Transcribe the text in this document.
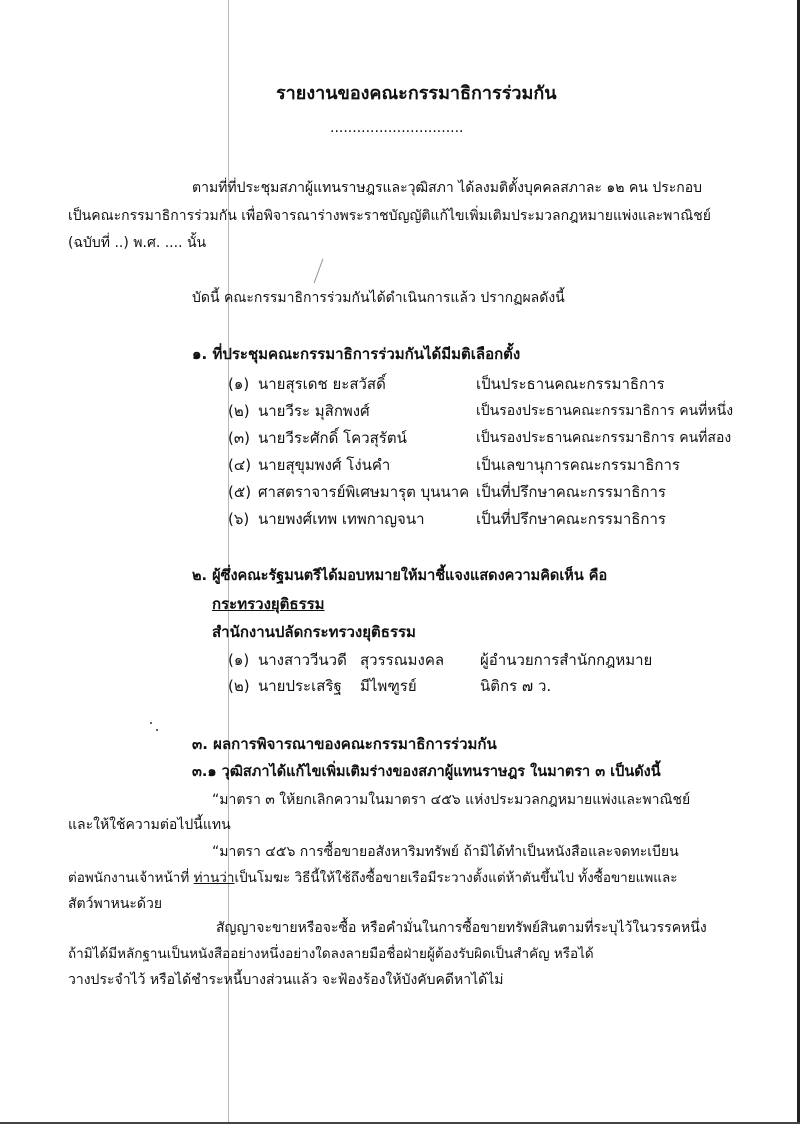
รายงานของคณะกรรมาธิการร่วมกัน
..............................
ตามที่ที่ประชุมสภาผู้แทนราษฎรและวุฒิสภา ได้ลงมติตั้งบุคคลสภาละ ๑๒ คน ประกอบ
เป็นคณะกรรมาธิการร่วมกัน เพื่อพิจารณาร่างพระราชบัญญัติแก้ไขเพิ่มเติมประมวลกฎหมายแพ่งและพาณิชย์
(ฉบับที่ ..) พ.ศ. .... นั้น
บัดนี้ คณะกรรมาธิการร่วมกันได้ดำเนินการแล้ว ปรากฏผลดังนี้
๑. ที่ประชุมคณะกรรมาธิการร่วมกันได้มีมติเลือกตั้ง
(๑) นายสุรเดช ยะสวัสดิ์	เป็นประธานคณะกรรมาธิการ
(๒) นายวีระ มุสิกพงศ์	เป็นรองประธานคณะกรรมาธิการ คนที่หนึ่ง
(๓) นายวีระศักดิ์ โควสุรัตน์	เป็นรองประธานคณะกรรมาธิการ คนที่สอง
(๔) นายสุขุมพงศ์ โง่นคำ	เป็นเลขานุการคณะกรรมาธิการ
(๕) ศาสตราจารย์พิเศษมารุต บุนนาค เป็นที่ปรึกษาคณะกรรมาธิการ
(๖) นายพงศ์เทพ เทพกาญจนา	เป็นที่ปรึกษาคณะกรรมาธิการ
๒. ผู้ซึ่งคณะรัฐมนตรีได้มอบหมายให้มาชี้แจงแสดงความคิดเห็น คือ
กระทรวงยุติธรรม
สำนักงานปลัดกระทรวงยุติธรรม
(๑) นางสาววีนวดี สุวรรณมงคล ผู้อำนวยการสำนักกฎหมาย
(๒) นายประเสริฐ มีไพฑูรย์	นิติกร ๗ ว.
๓. ผลการพิจารณาของคณะกรรมาธิการร่วมกัน
๓.๑ วุฒิสภาได้แก้ไขเพิ่มเติมร่างของสภาผู้แทนราษฎร ในมาตรา ๓ เป็นดังนี้
“มาตรา ๓ ให้ยกเลิกความในมาตรา ๔๕๖ แห่งประมวลกฎหมายแพ่งและพาณิชย์
และให้ใช้ความต่อไปนี้แทน
“มาตรา ๔๕๖ การซื้อขายอสังหาริมทรัพย์ ถ้ามิได้ทำเป็นหนังสือและจดทะเบียน
ต่อพนักงานเจ้าหน้าที่ ท่านว่าเป็นโมฆะ วิธีนี้ให้ใช้ถึงซื้อขายเรือมีระวางตั้งแต่ห้าตันขึ้นไป ทั้งซื้อขายแพและ
สัตว์พาหนะด้วย
สัญญาจะขายหรือจะซื้อ หรือคำมั่นในการซื้อขายทรัพย์สินตามที่ระบุไว้ในวรรคหนึ่ง
ถ้ามิได้มีหลักฐานเป็นหนังสืออย่างหนึ่งอย่างใดลงลายมือชื่อฝ่ายผู้ต้องรับผิดเป็นสำคัญ หรือได้
วางประจำไว้ หรือได้ชำระหนี้บางส่วนแล้ว จะฟ้องร้องให้บังคับคดีหาได้ไม่
